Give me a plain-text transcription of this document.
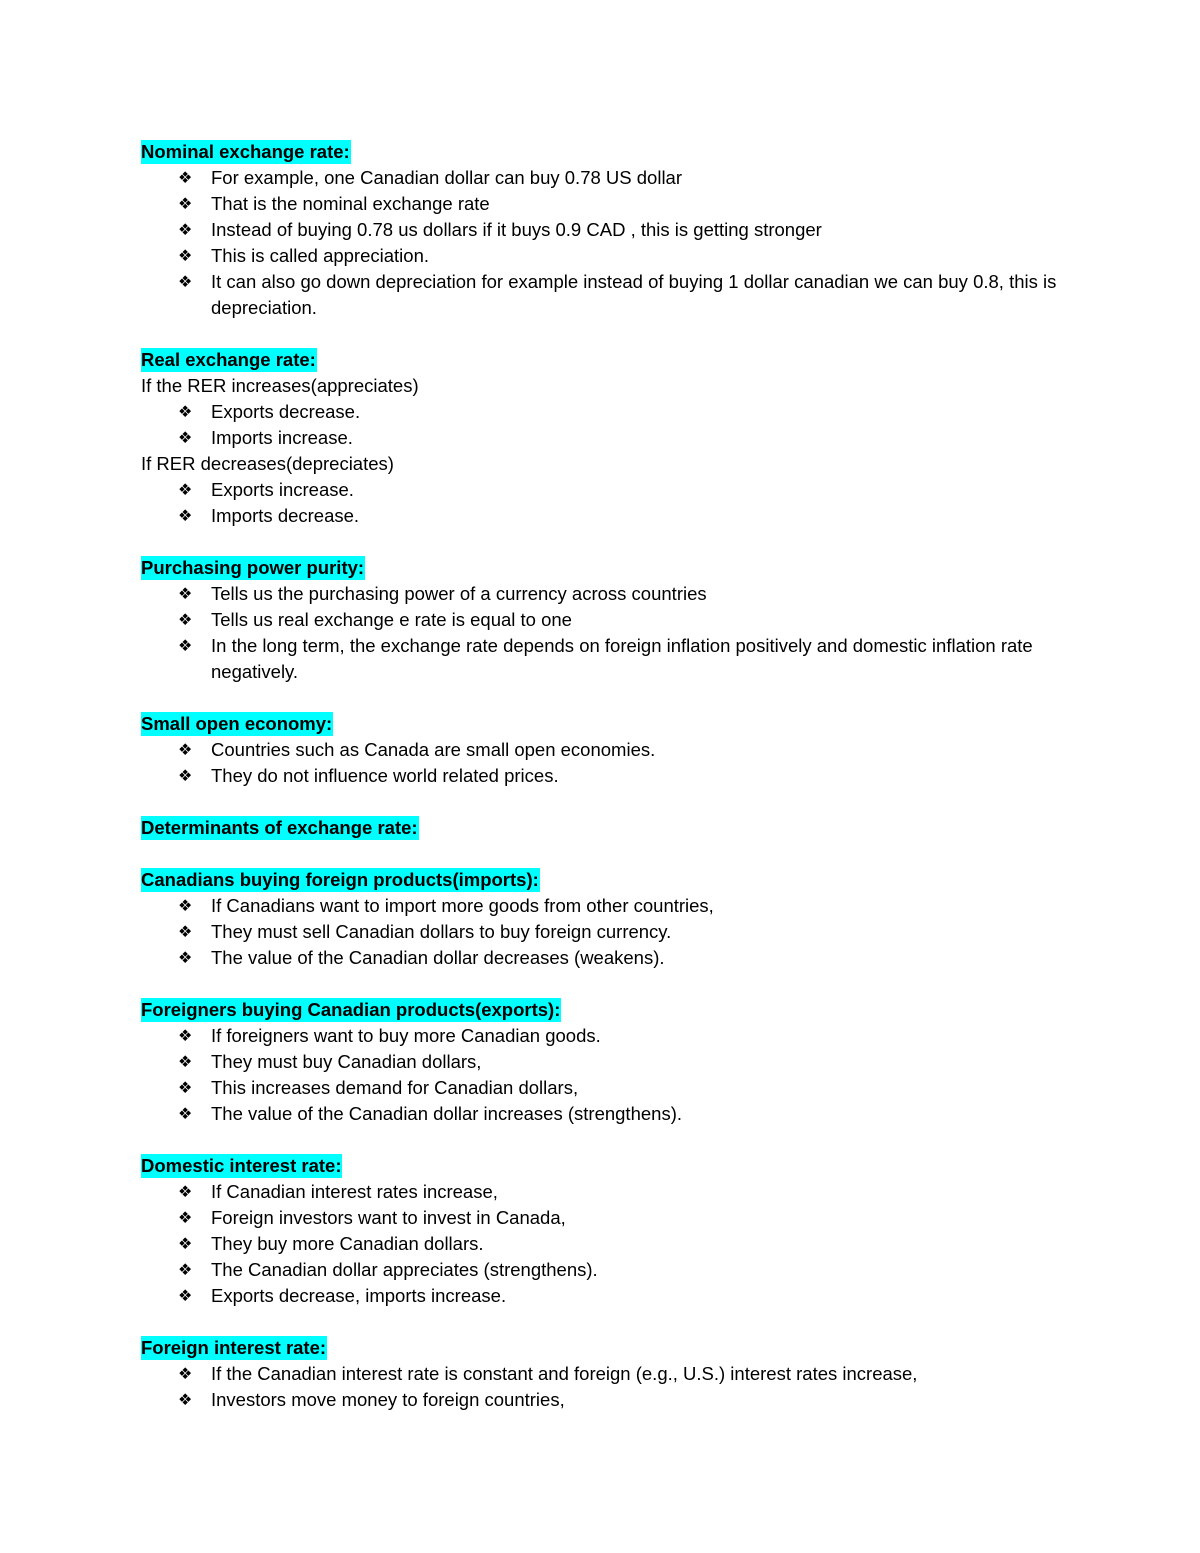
Nominal exchange rate:
❖ For example, one Canadian dollar can buy 0.78 US dollar
❖ That is the nominal exchange rate
❖ Instead of buying 0.78 us dollars if it buys 0.9 CAD , this is getting stronger
❖ This is called appreciation.
❖ It can also go down depreciation for example instead of buying 1 dollar canadian we can buy 0.8, this is depreciation.
Real exchange rate:
If the RER increases(appreciates)
❖ Exports decrease.
❖ Imports increase.
If RER decreases(depreciates)
❖ Exports increase.
❖ Imports decrease.
Purchasing power purity:
❖ Tells us the purchasing power of a currency across countries
❖ Tells us real exchange e rate is equal to one
❖ In the long term, the exchange rate depends on foreign inflation positively and domestic inflation rate negatively.
Small open economy:
❖ Countries such as Canada are small open economies.
❖ They do not influence world related prices.
Determinants of exchange rate:
Canadians buying foreign products(imports):
❖ If Canadians want to import more goods from other countries,
❖ They must sell Canadian dollars to buy foreign currency.
❖ The value of the Canadian dollar decreases (weakens).
Foreigners buying Canadian products(exports):
❖ If foreigners want to buy more Canadian goods.
❖ They must buy Canadian dollars,
❖ This increases demand for Canadian dollars,
❖ The value of the Canadian dollar increases (strengthens).
Domestic interest rate:
❖ If Canadian interest rates increase,
❖ Foreign investors want to invest in Canada,
❖ They buy more Canadian dollars.
❖ The Canadian dollar appreciates (strengthens).
❖ Exports decrease, imports increase.
Foreign interest rate:
❖ If the Canadian interest rate is constant and foreign (e.g., U.S.) interest rates increase,
❖ Investors move money to foreign countries,
